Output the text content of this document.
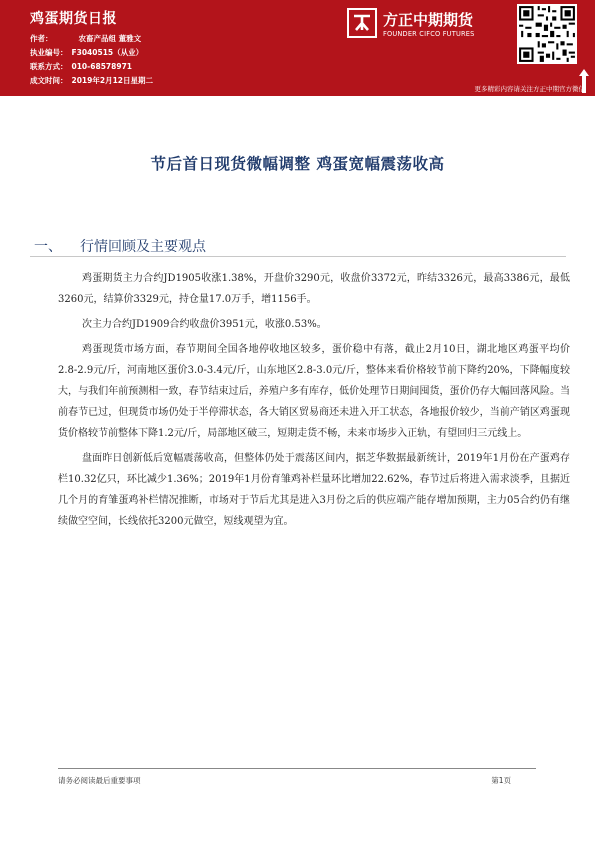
鸡蛋期货日报
作者：	农畜产品组 董雅文
执业编号： F3040515（从业）
联系方式： 010-68578971
成文时间： 2019年2月12日星期二
方正中期期货
FOUNDER CIFCO FUTURES
更多精彩内容请关注方正中期官方微信
节后首日现货微幅调整 鸡蛋宽幅震荡收高
一、 行情回顾及主要观点

鸡蛋期货主力合约JD1905收涨1.38%，开盘价3290元，收盘价3372元，昨结3326元，最高3386元，最低3260元，结算价3329元，持仓量17.0万手，增1156手。

次主力合约JD1909合约收盘价3951元，收涨0.53%。

鸡蛋现货市场方面，春节期间全国各地停收地区较多，蛋价稳中有落，截止2月10日，湖北地区鸡蛋平均价2.8-2.9元/斤，河南地区蛋价3.0-3.4元/斤，山东地区2.8-3.0元/斤，整体来看价格较节前下降约20%，下降幅度较大，与我们年前预测相一致，春节结束过后，养殖户多有库存，低价处理节日期间囤货，蛋价仍存大幅回落风险。当前春节已过，但现货市场仍处于半停滞状态，各大销区贸易商还未进入开工状态，各地报价较少，当前产销区鸡蛋现货价格较节前整体下降1.2元/斤，局部地区破三，短期走货不畅，未来市场步入正轨，有望回归三元线上。

盘面昨日创新低后宽幅震荡收高，但整体仍处于震荡区间内，据芝华数据最新统计，2019年1月份在产蛋鸡存栏10.32亿只，环比减少1.36%；2019年1月份育雏鸡补栏量环比增加22.62%，春节过后将进入需求淡季，且据近几个月的育雏蛋鸡补栏情况推断，市场对于节后尤其是进入3月份之后的供应端产能存增加预期，主力05合约仍有继续做空空间，长线依托3200元做空，短线观望为宜。

请务必阅读最后重要事项	第1页
